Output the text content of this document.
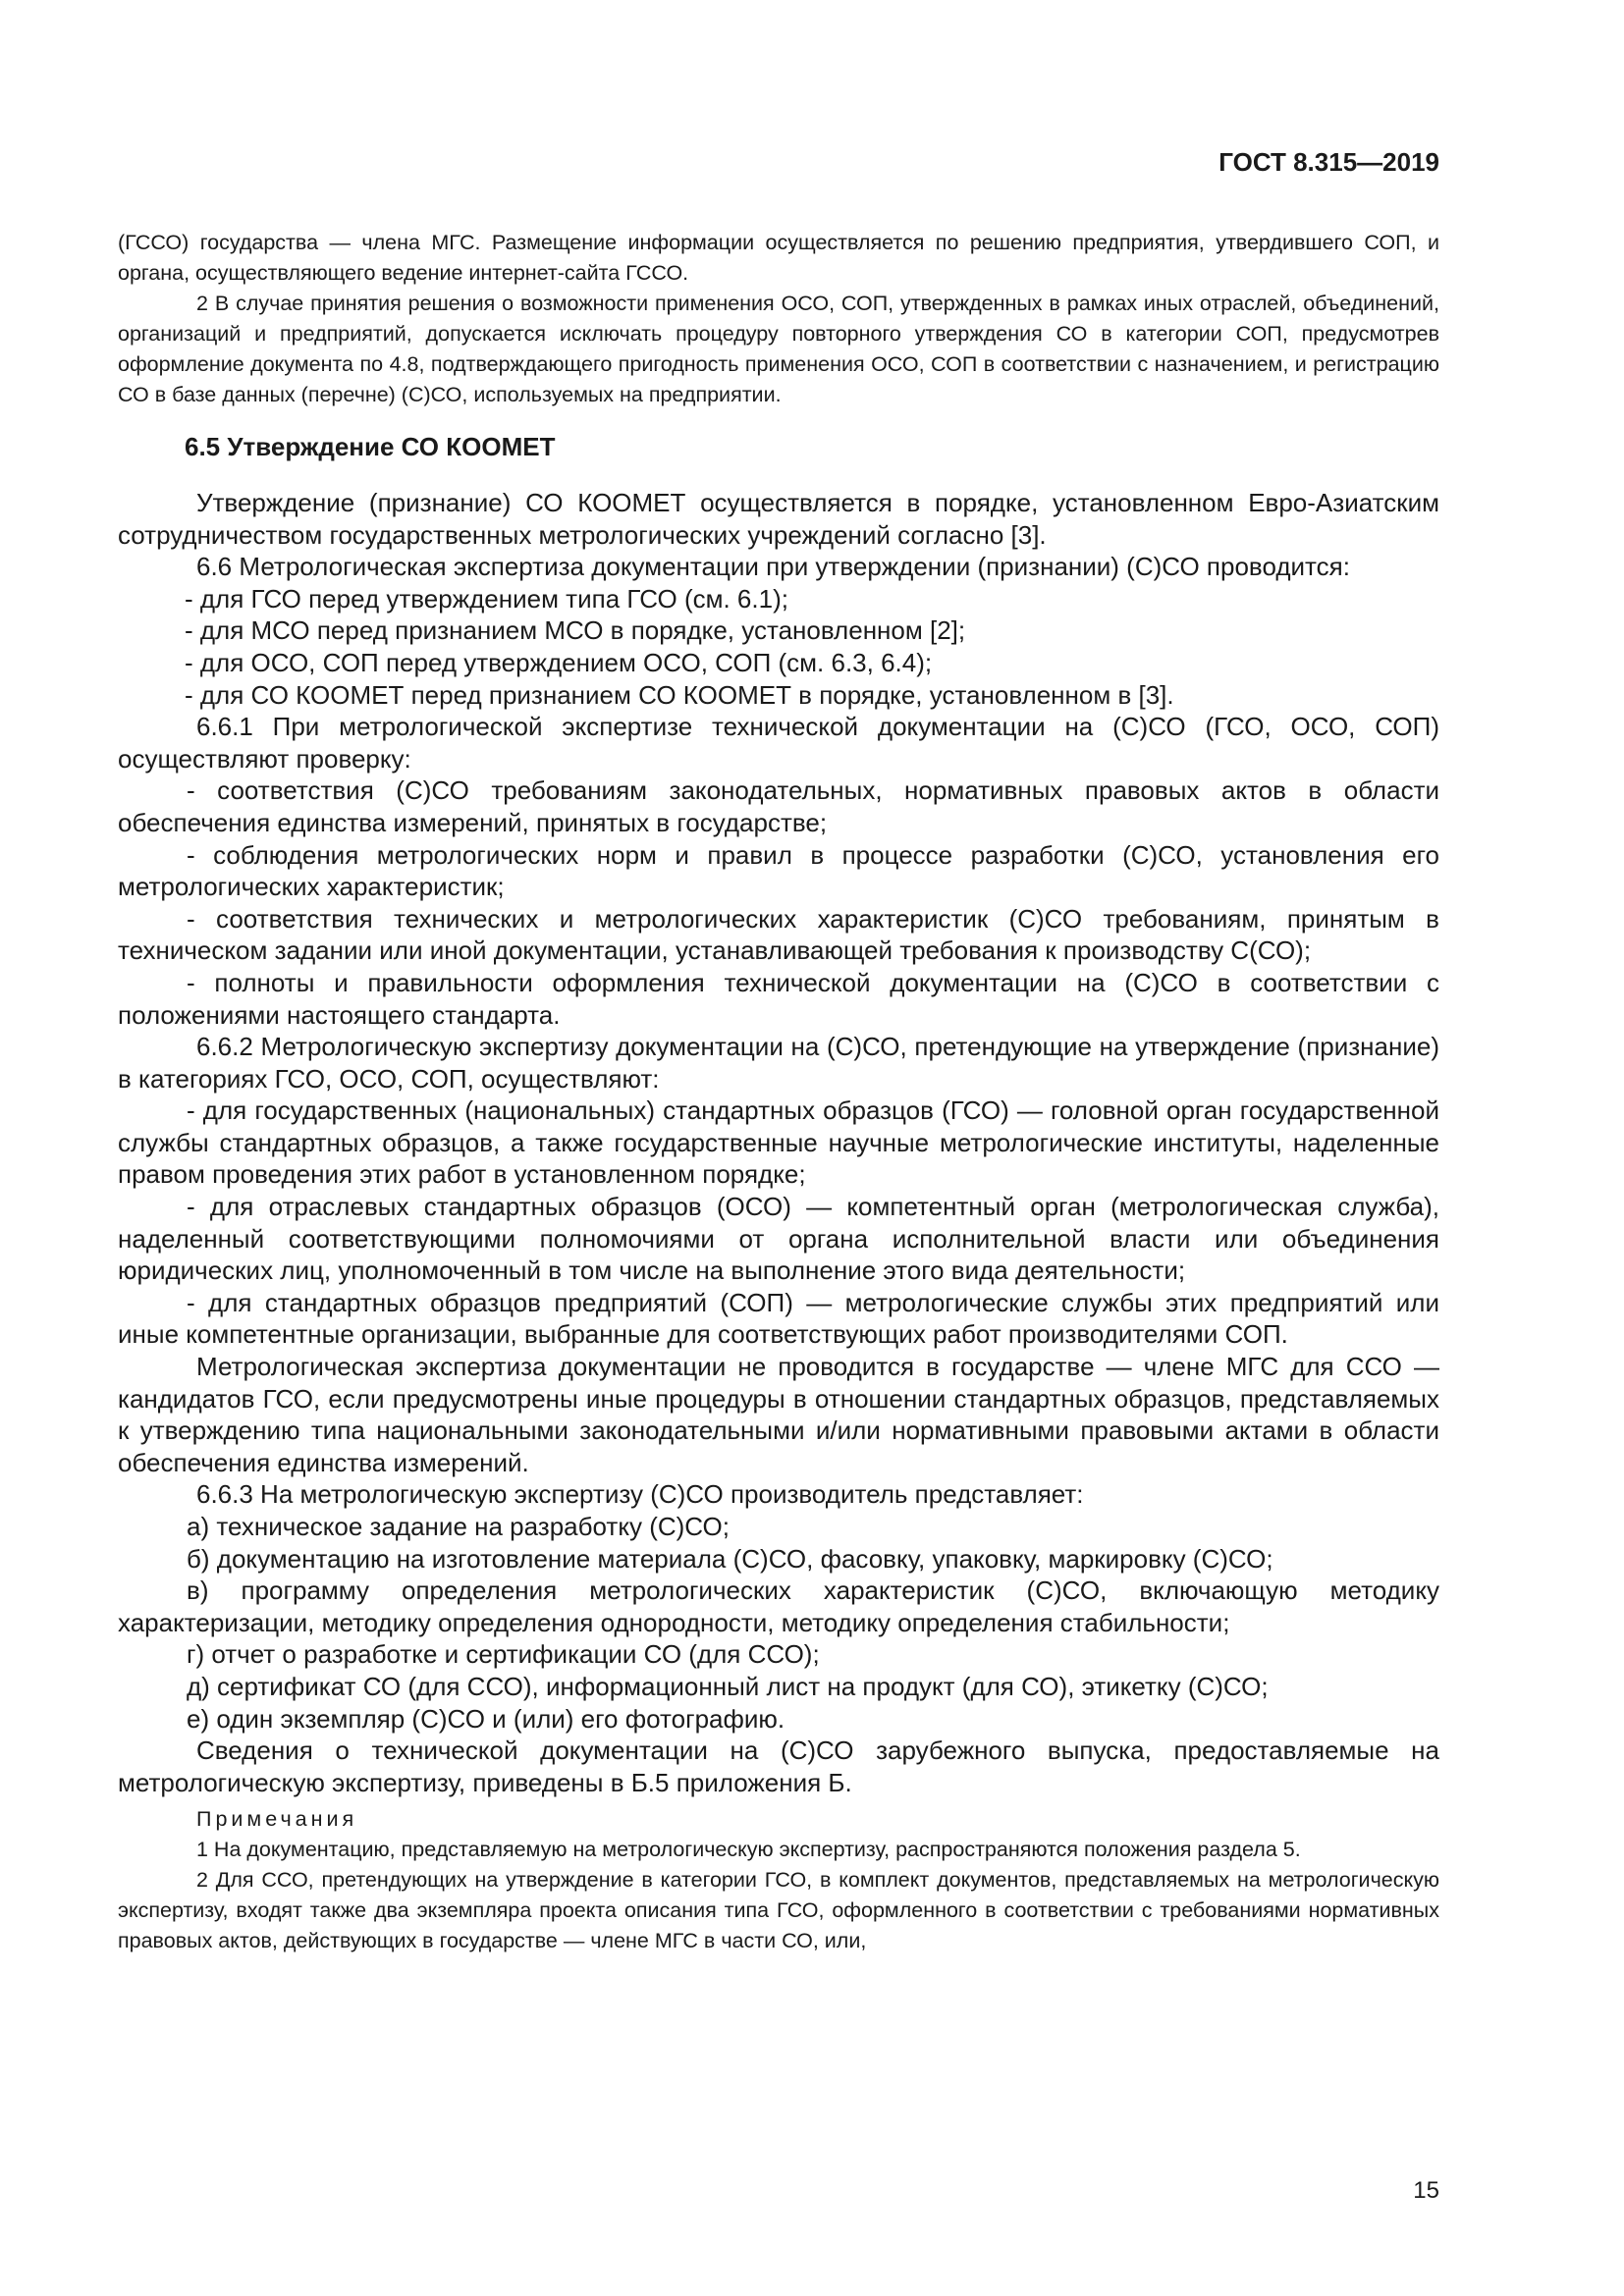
ГОСТ 8.315—2019

(ГССО) государства — члена МГС. Размещение информации осуществляется по решению предприятия, утвердившего СОП, и органа, осуществляющего ведение интернет-сайта ГССО.

2 В случае принятия решения о возможности применения ОСО, СОП, утвержденных в рамках иных отраслей, объединений, организаций и предприятий, допускается исключать процедуру повторного утверждения СО в категории СОП, предусмотрев оформление документа по 4.8, подтверждающего пригодность применения ОСО, СОП в соответствии с назначением, и регистрацию СО в базе данных (перечне) (С)СО, используемых на предприятии.

6.5 Утверждение СО КООМЕТ

Утверждение (признание) СО КООМЕТ осуществляется в порядке, установленном Евро-Азиатским сотрудничеством государственных метрологических учреждений согласно [3].

6.6 Метрологическая экспертиза документации при утверждении (признании) (С)СО проводится:

- для ГСО перед утверждением типа ГСО (см. 6.1);

- для МСО перед признанием МСО в порядке, установленном [2];

- для ОСО, СОП перед утверждением ОСО, СОП (см. 6.3, 6.4);

- для СО КООМЕТ перед признанием СО КООМЕТ в порядке, установленном в [3].

6.6.1 При метрологической экспертизе технической документации на (С)СО (ГСО, ОСО, СОП) осуществляют проверку:

- соответствия (С)СО требованиям законодательных, нормативных правовых актов в области обеспечения единства измерений, принятых в государстве;

- соблюдения метрологических норм и правил в процессе разработки (С)СО, установления его метрологических характеристик;

- соответствия технических и метрологических характеристик (С)СО требованиям, принятым в техническом задании или иной документации, устанавливающей требования к производству С(СО);

- полноты и правильности оформления технической документации на (С)СО в соответствии с положениями настоящего стандарта.

6.6.2 Метрологическую экспертизу документации на (С)СО, претендующие на утверждение (признание) в категориях ГСО, ОСО, СОП, осуществляют:

- для государственных (национальных) стандартных образцов (ГСО) — головной орган государственной службы стандартных образцов, а также государственные научные метрологические институты, наделенные правом проведения этих работ в установленном порядке;

- для отраслевых стандартных образцов (ОСО) — компетентный орган (метрологическая служба), наделенный соответствующими полномочиями от органа исполнительной власти или объединения юридических лиц, уполномоченный в том числе на выполнение этого вида деятельности;

- для стандартных образцов предприятий (СОП) — метрологические службы этих предприятий или иные компетентные организации, выбранные для соответствующих работ производителями СОП.

Метрологическая экспертиза документации не проводится в государстве — члене МГС для ССО — кандидатов ГСО, если предусмотрены иные процедуры в отношении стандартных образцов, представляемых к утверждению типа национальными законодательными и/или нормативными правовыми актами в области обеспечения единства измерений.

6.6.3 На метрологическую экспертизу (С)СО производитель представляет:

а) техническое задание на разработку (С)СО;

б) документацию на изготовление материала (С)СО, фасовку, упаковку, маркировку (С)СО;

в) программу определения метрологических характеристик (С)СО, включающую методику характеризации, методику определения однородности, методику определения стабильности;

г) отчет о разработке и сертификации СО (для ССО);

д) сертификат СО (для ССО), информационный лист на продукт (для СО), этикетку (С)СО;

е) один экземпляр (С)СО и (или) его фотографию.

Сведения о технической документации на (С)СО зарубежного выпуска, предоставляемые на метрологическую экспертизу, приведены в Б.5 приложения Б.

Примечания

1 На документацию, представляемую на метрологическую экспертизу, распространяются положения раздела 5.

2 Для ССО, претендующих на утверждение в категории ГСО, в комплект документов, представляемых на метрологическую экспертизу, входят также два экземпляра проекта описания типа ГСО, оформленного в соответствии с требованиями нормативных правовых актов, действующих в государстве — члене МГС в части СО, или,

15
